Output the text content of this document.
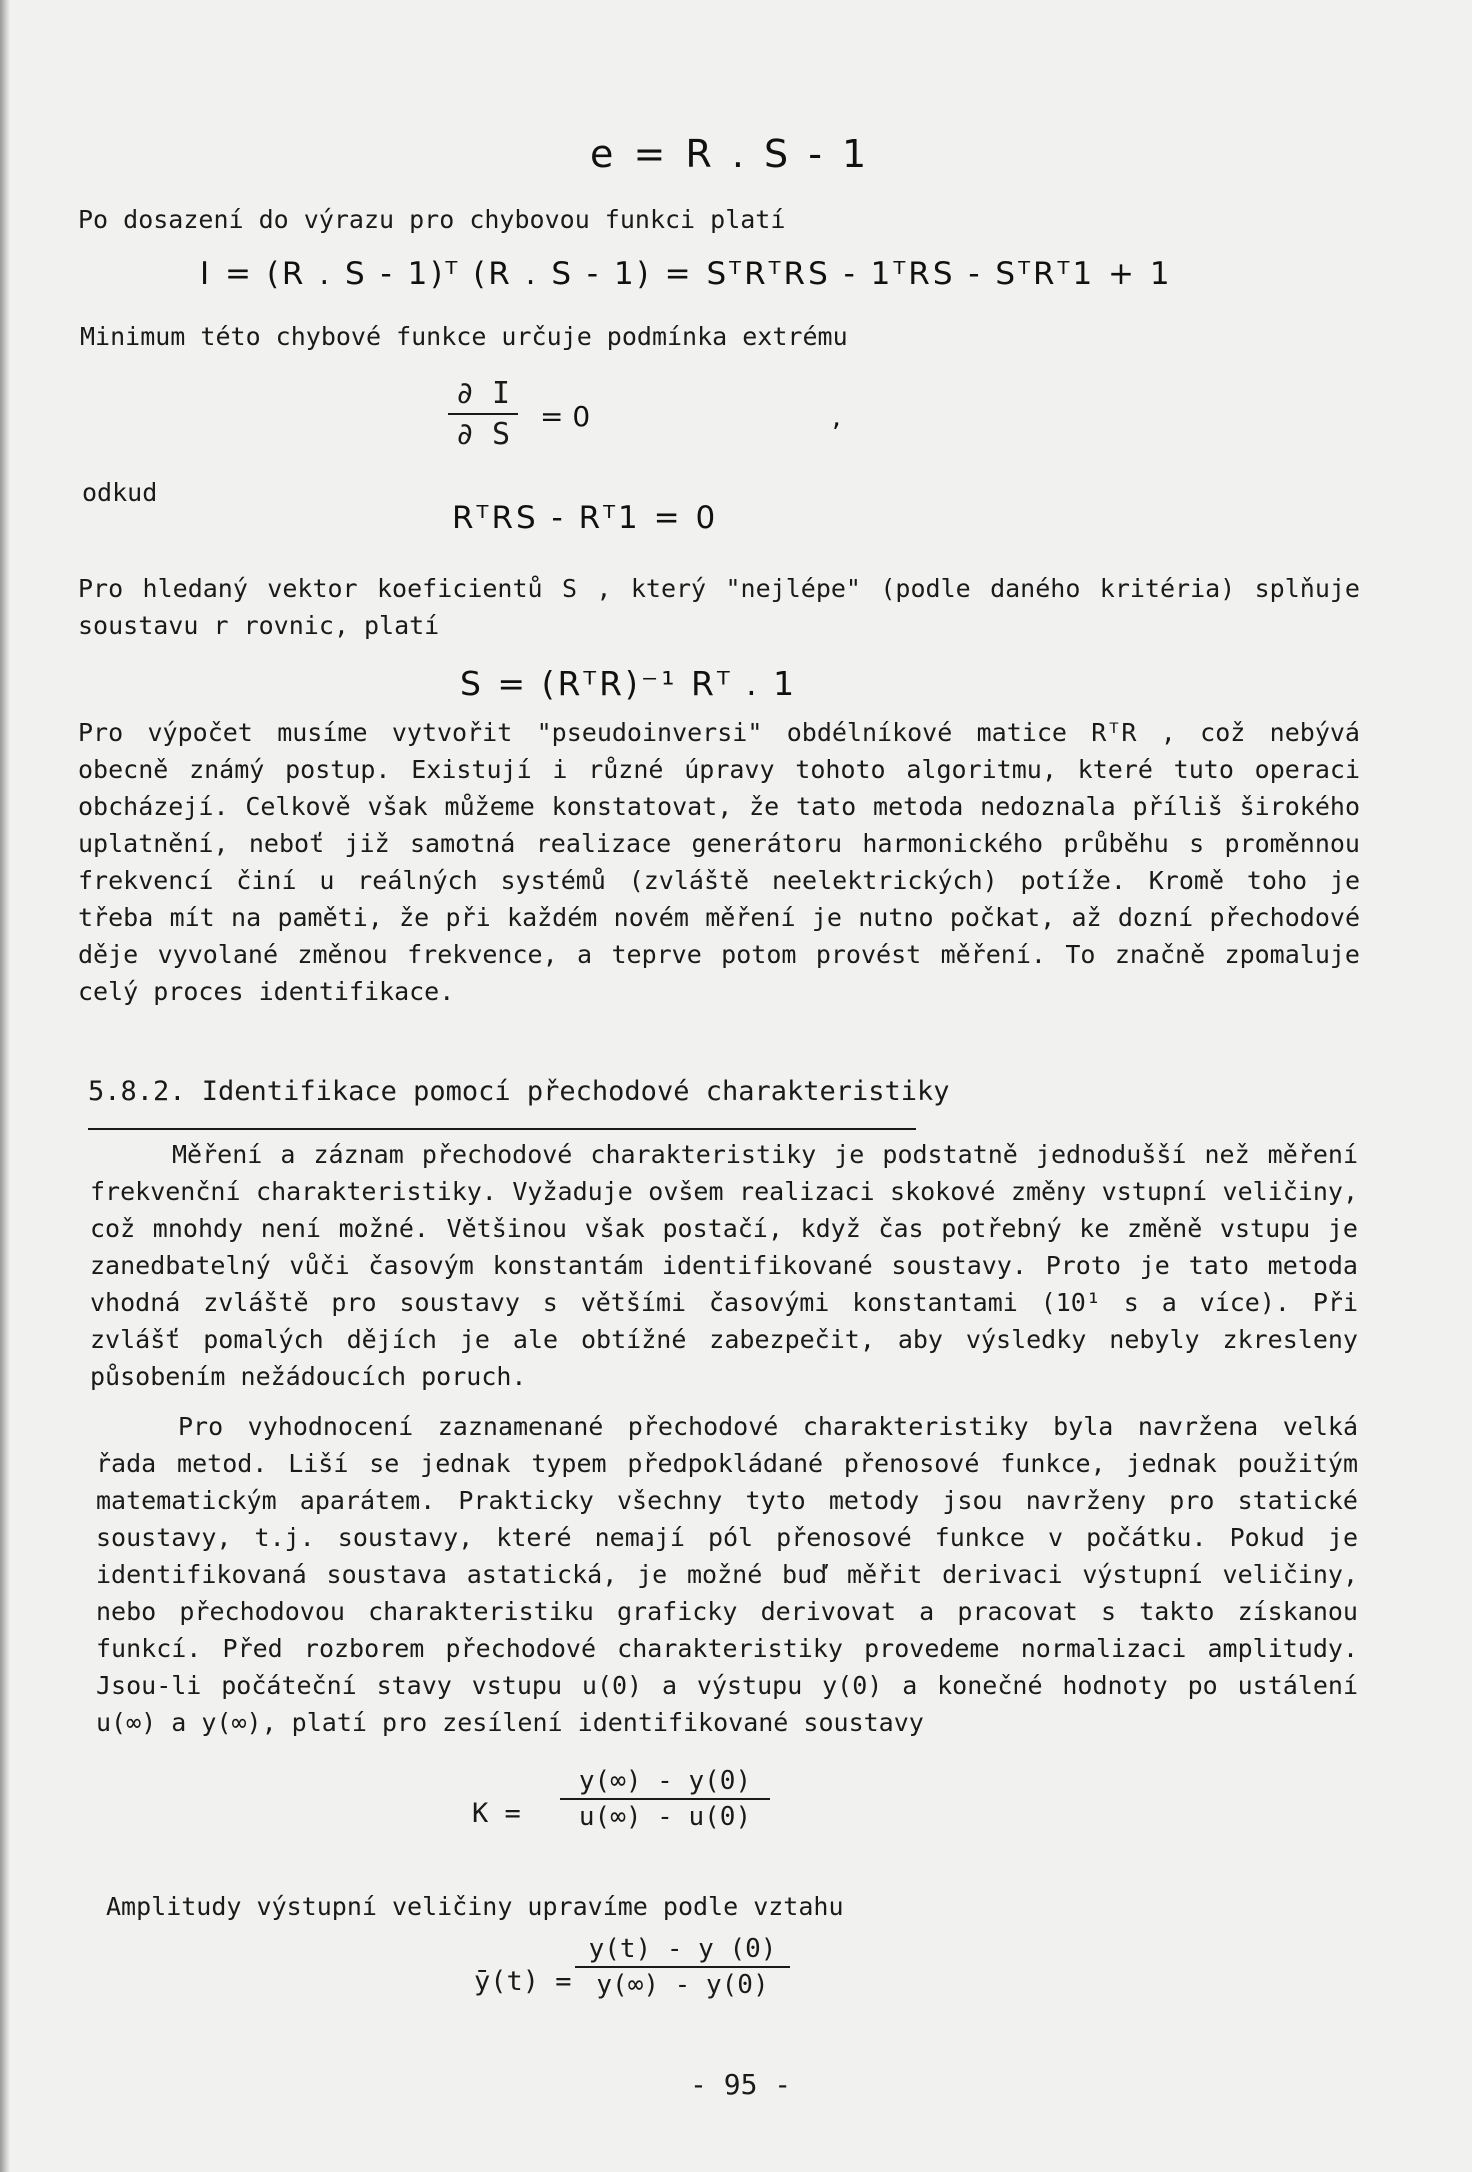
e = R . S - 1
Po dosazení do výrazu pro chybovou funkci platí
I = (R . S - 1)ᵀ (R . S - 1) = SᵀRᵀRS - 1ᵀRS - SᵀRᵀ1 + 1
Minimum této chybové funkce určuje podmínka extrému
∂ I
∂ S
= 0	,
odkud
RᵀRS - Rᵀ1 = 0

Pro hledaný vektor koeficientů S , který "nejlépe" (podle daného kritéria) splňuje soustavu r rovnic, platí

S = (RᵀR)⁻¹ Rᵀ . 1

Pro výpočet musíme vytvořit "pseudoinversi" obdélníkové matice RᵀR , což nebývá obecně známý postup. Existují i různé úpravy tohoto algoritmu, které tuto operaci obcházejí. Celkově však můžeme konstatovat, že tato metoda nedoznala příliš širokého uplatnění, neboť již samotná realizace generátoru harmonického průběhu s proměnnou frekvencí činí u reálných systémů (zvláště neelektrických) potíže. Kromě toho je třeba mít na paměti, že při každém novém měření je nutno počkat, až dozní přechodové děje vyvolané změnou frekvence, a teprve potom provést měření. To značně zpomaluje celý proces identifikace.

5.8.2. Identifikace pomocí přechodové charakteristiky

Měření a záznam přechodové charakteristiky je podstatně jednodušší než měření frekvenční charakteristiky. Vyžaduje ovšem realizaci skokové změny vstupní veličiny, což mnohdy není možné. Většinou však postačí, když čas potřebný ke změně vstupu je zanedbatelný vůči časovým konstantám identifikované soustavy. Proto je tato metoda vhodná zvláště pro soustavy s většími časovými konstantami (10¹ s a více). Při zvlášť pomalých dějích je ale obtížné zabezpečit, aby výsledky nebyly zkresleny působením nežádoucích poruch.

Pro vyhodnocení zaznamenané přechodové charakteristiky byla navržena velká řada metod. Liší se jednak typem předpokládané přenosové funkce, jednak použitým matematickým aparátem. Prakticky všechny tyto metody jsou navrženy pro statické soustavy, t.j. soustavy, které nemají pól přenosové funkce v počátku. Pokud je identifikovaná soustava astatická, je možné buď měřit derivaci výstupní veličiny, nebo přechodovou charakteristiku graficky derivovat a pracovat s takto získanou funkcí. Před rozborem přechodové charakteristiky provedeme normalizaci amplitudy. Jsou-li počáteční stavy vstupu u(0) a výstupu y(0) a konečné hodnoty po ustálení u(∞) a y(∞), platí pro zesílení identifikované soustavy

K =
y(∞) - y(0)
u(∞) - u(0)
Amplitudy výstupní veličiny upravíme podle vztahu
ȳ(t) =
y(t) - y (0)
y(∞) - y(0)
- 95 -
